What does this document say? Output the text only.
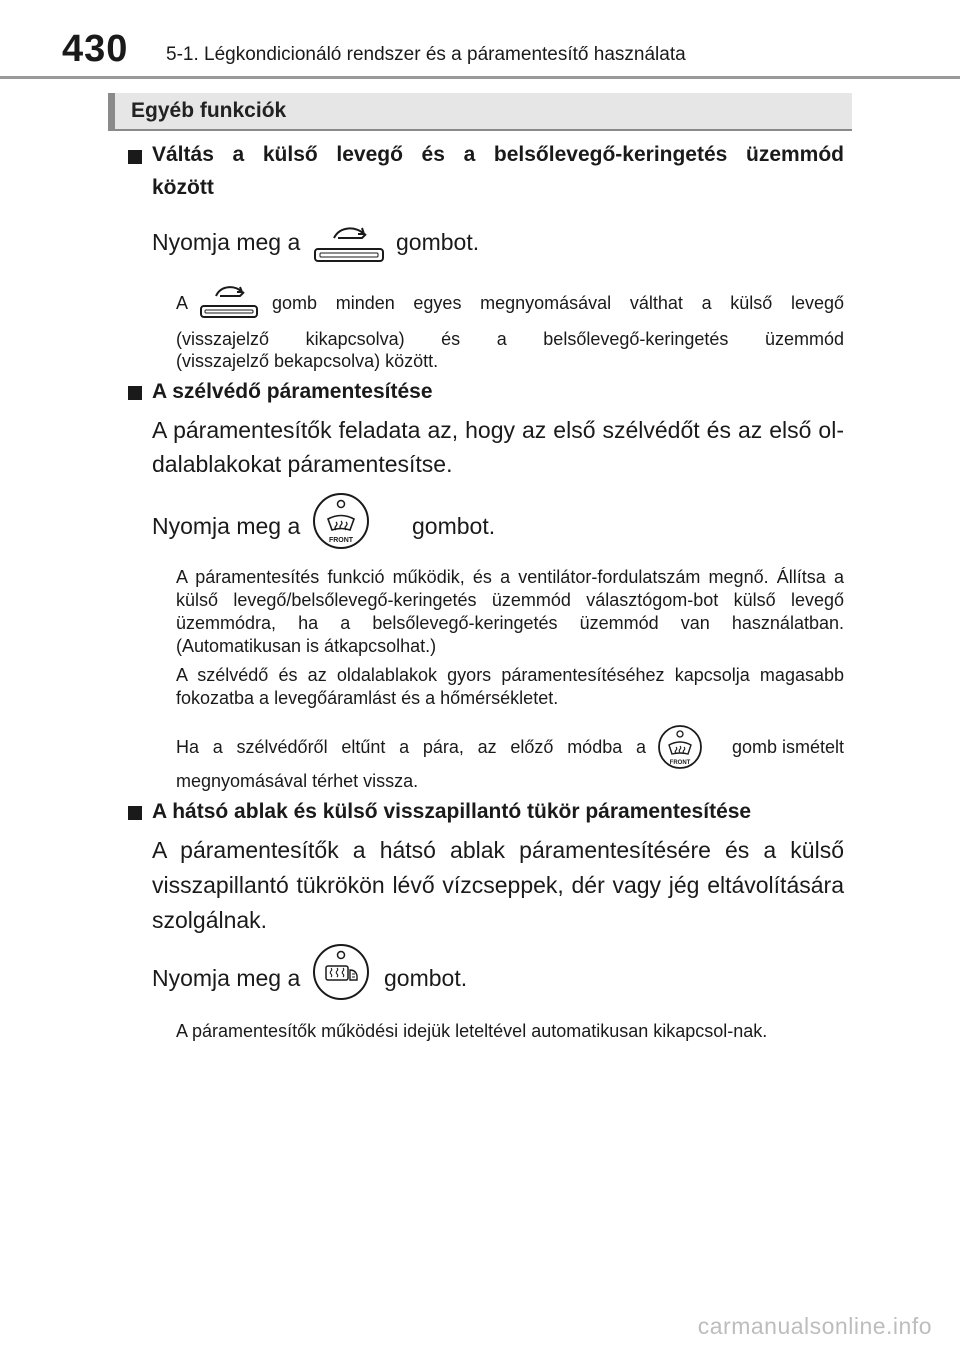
430 5-1. Légkondicionáló rendszer és a páramentesítő használata
Egyéb funkciók
Váltás a külső levegő és a belsőlevegő-keringetés üzemmód
között
Nyomja meg a	gombot.
A	gomb minden egyes megnyomásával válthat a külső levegő
(visszajelző kikapcsolva) és a belsőlevegő-keringetés üzemmód
(visszajelző bekapcsolva) között.
A szélvédő páramentesítése
A páramentesítők feladata az, hogy az első szélvédőt és az első ol-dalablakokat páramentesítse.
Nyomja meg a
FRONT
gombot.
A páramentesítés funkció működik, és a ventilátor-fordulatszám megnő. Állítsa a külső levegő/belsőlevegő-keringetés üzemmód választógom-bot külső levegő üzemmódra, ha a belsőlevegő-keringetés üzemmód van használatban. (Automatikusan is átkapcsolhat.)
A szélvédő és az oldalablakok gyors páramentesítéséhez kapcsolja magasabb fokozatba a levegőáramlást és a hőmérsékletet.
Ha a szélvédőről eltűnt a pára, az előző módba a
FRONT
gomb ismételt
megnyomásával térhet vissza.
A hátsó ablak és külső visszapillantó tükör páramentesítése
A páramentesítők a hátsó ablak páramentesítésére és a külső visszapillantó tükrökön lévő vízcseppek, dér vagy jég eltávolítására szolgálnak.
Nyomja meg a	gombot.
A páramentesítők működési idejük leteltével automatikusan kikapcsol-nak.
carmanualsonline.info
